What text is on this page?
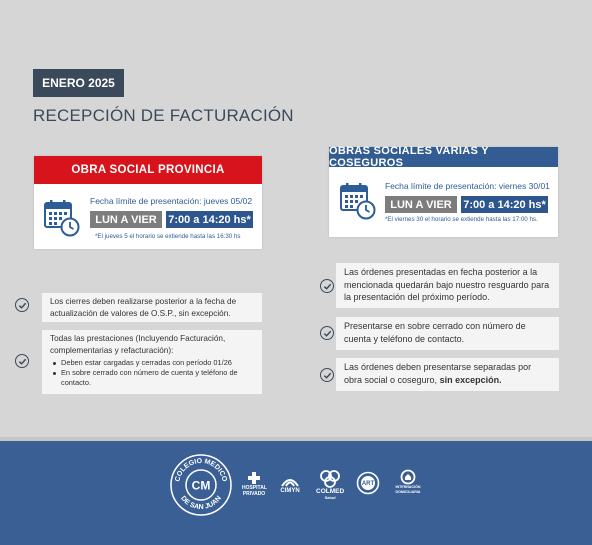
ENERO 2025
RECEPCIÓN DE FACTURACIÓN
OBRA SOCIAL PROVINCIA
Fecha límite de presentación: jueves 05/02
LUN A VIER	7:00 a 14:20 hs*
*El jueves 5 el horario se extiende hasta las 16:30 hs
OBRAS SOCIALES VARIAS Y COSEGUROS
Fecha límite de presentación: viernes 30/01
LUN A VIER	7:00 a 14:20 hs*
*El viernes 30 el horario se extiende hasta las 17:00 hs.
Los cierres deben realizarse posterior a la fecha de actualización de valores de O.S.P., sin excepción.
Todas las prestaciones (Incluyendo Facturación, complementarias y refacturación):
Deben estar cargadas y cerradas con período 01/26
En sobre cerrado con número de cuenta y teléfono de contacto.
Las órdenes presentadas en fecha posterior a la mencionada quedarán bajo nuestro resguardo para la presentación del próximo período.
Presentarse en sobre cerrado con número de cuenta y teléfono de contacto.
Las órdenes deben presentarse separadas por obra social o coseguro, sin excepción.
COLEGIO MEDICO
DE SAN JUAN
CM	HOSPITAL PRIVADO	CIMYN	COLMED
Salud
ART	INTERNACIÓN DOMICILIARIA
